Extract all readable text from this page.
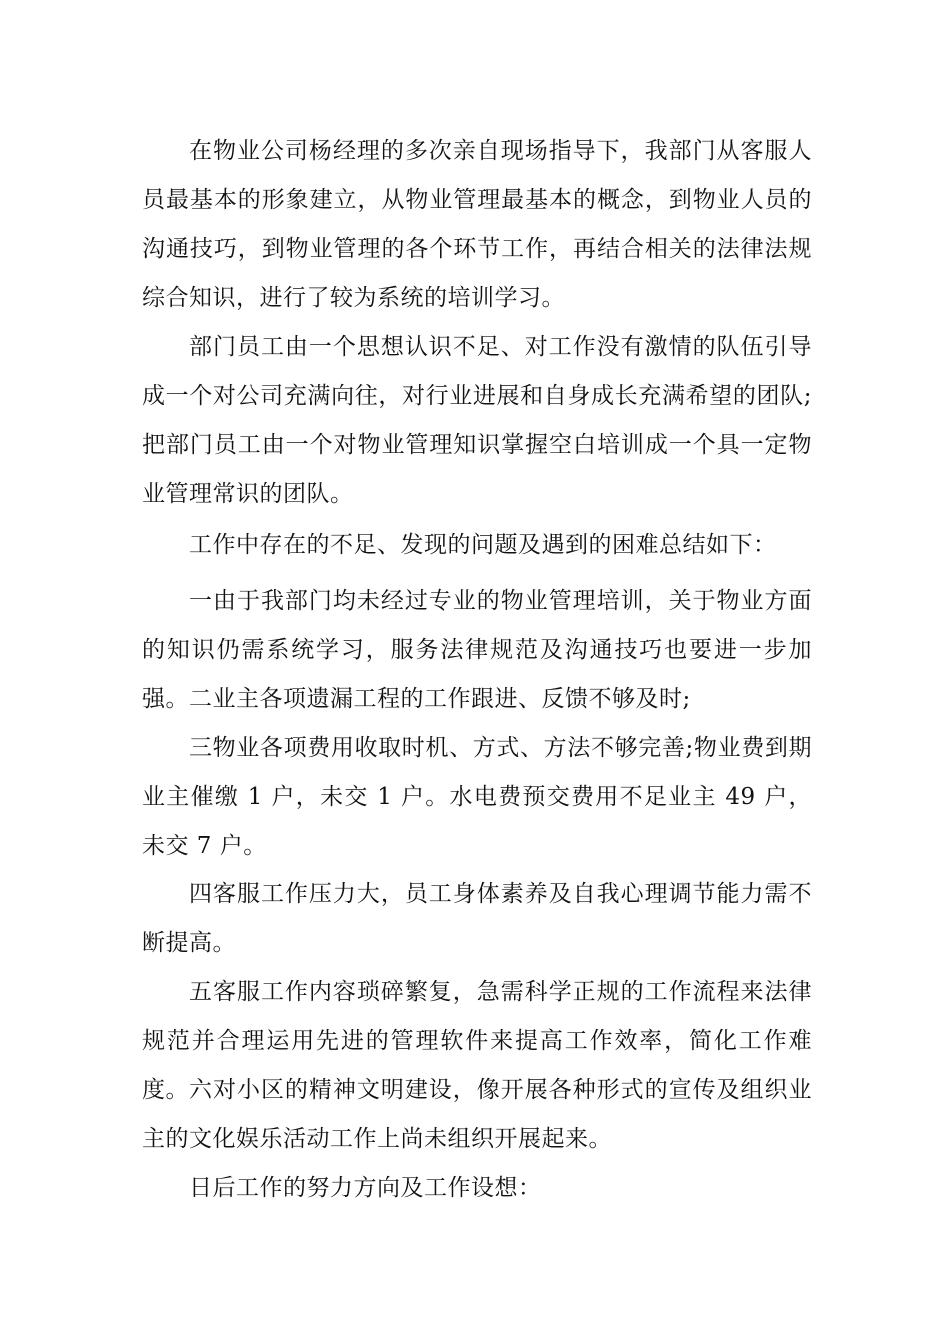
在物业公司杨经理的多次亲自现场指导下，我部门从客服人员最基本的形象建立，从物业管理最基本的概念，到物业人员的沟通技巧，到物业管理的各个环节工作，再结合相关的法律法规综合知识，进行了较为系统的培训学习。

部门员工由一个思想认识不足、对工作没有激情的队伍引导成一个对公司充满向往，对行业进展和自身成长充满希望的团队;把部门员工由一个对物业管理知识掌握空白培训成一个具一定物业管理常识的团队。

工作中存在的不足、发现的问题及遇到的困难总结如下：

一由于我部门均未经过专业的物业管理培训，关于物业方面的知识仍需系统学习，服务法律规范及沟通技巧也要进一步加强。 二业主各项遗漏工程的工作跟进、反馈不够及时;

三物业各项费用收取时机、方式、方法不够完善;物业费到期业主催缴 1 户，未交 1 户。水电费预交费用不足业主 49 户，未交 7 户。

四客服工作压力大，员工身体素养及自我心理调节能力需不断提高。

五客服工作内容琐碎繁复，急需科学正规的工作流程来法律规范并合理运用先进的管理软件来提高工作效率，简化工作难度。 六对小区的精神文明建设，像开展各种形式的宣传及组织业主的文化娱乐活动工作上尚未组织开展起来。

日后工作的努力方向及工作设想：
